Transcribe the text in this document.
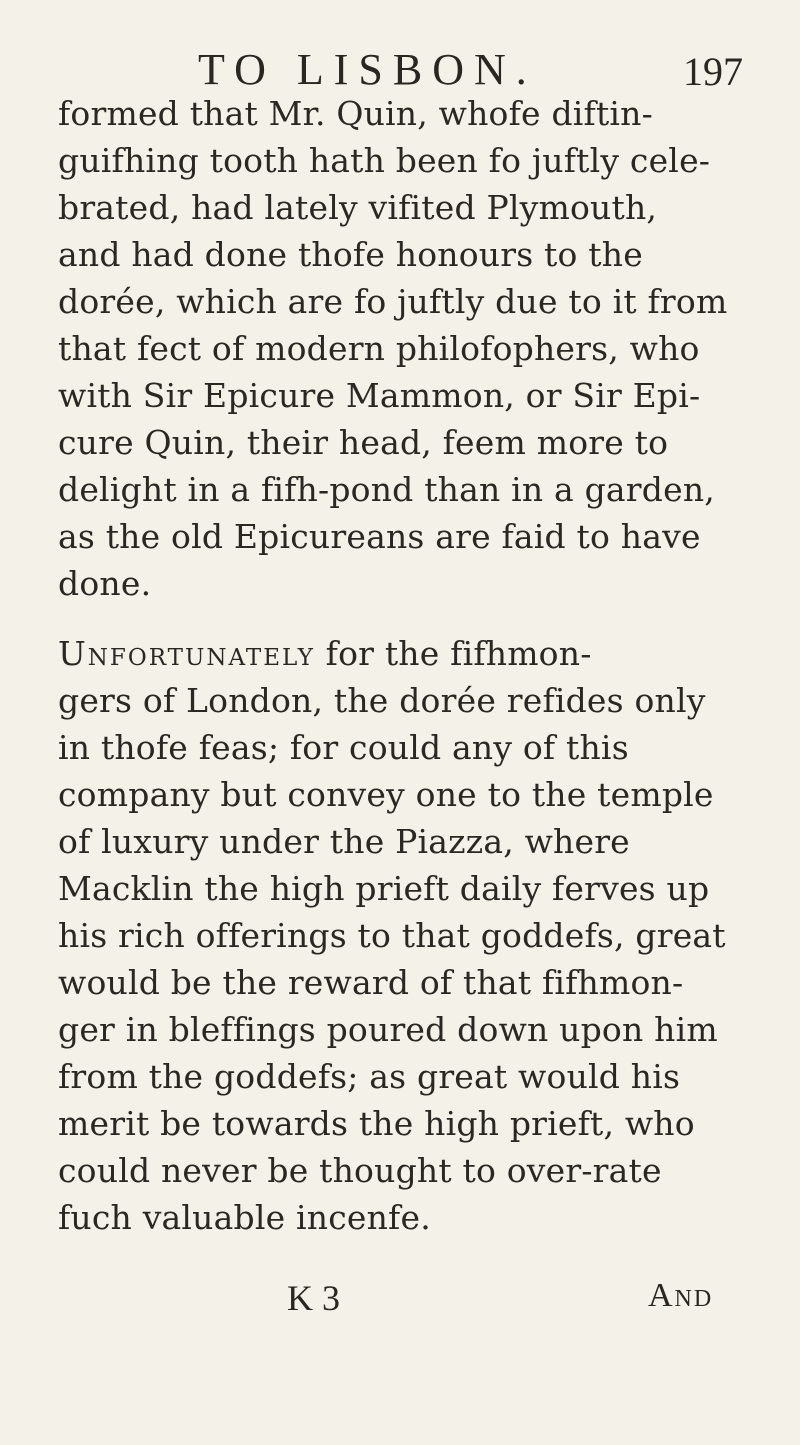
TO LISBON.	197
formed that Mr. Quin, whofe diftin-
guifhing tooth hath been fo juftly cele-
brated, had lately vifited Plymouth,
and had done thofe honours to the
dorée, which are fo juftly due to it from
that fect of modern philofophers, who
with Sir Epicure Mammon, or Sir Epi-
cure Quin, their head, feem more to
delight in a fifh-pond than in a garden,
as the old Epicureans are faid to have
done.
Unfortunately for the fifhmon-
gers of London, the dorée refides only
in thofe feas; for could any of this
company but convey one to the temple
of luxury under the Piazza, where
Macklin the high prieft daily ferves up
his rich offerings to that goddefs, great
would be the reward of that fifhmon-
ger in bleffings poured down upon him
from the goddefs; as great would his
merit be towards the high prieft, who
could never be thought to over-rate
fuch valuable incenfe.
K 3	And
